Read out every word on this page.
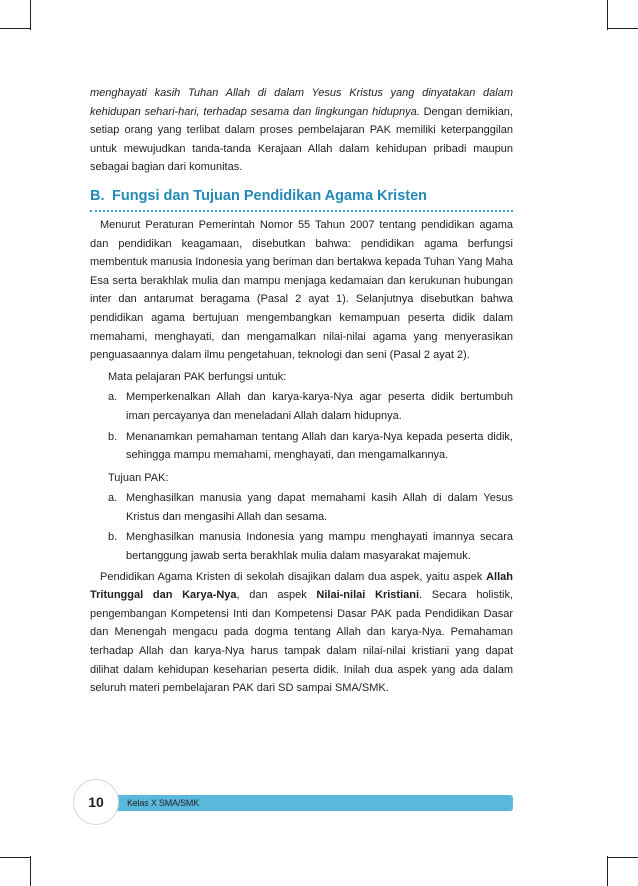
menghayati kasih Tuhan Allah di dalam Yesus Kristus yang dinyatakan dalam kehidupan sehari-hari, terhadap sesama dan lingkungan hidupnya. Dengan demikian, setiap orang yang terlibat dalam proses pembelajaran PAK memiliki keterpanggilan untuk mewujudkan tanda-tanda Kerajaan Allah dalam kehidupan pribadi maupun sebagai bagian dari komunitas.

B. Fungsi dan Tujuan Pendidikan Agama Kristen

Menurut Peraturan Pemerintah Nomor 55 Tahun 2007 tentang pendidikan agama dan pendidikan keagamaan, disebutkan bahwa: pendidikan agama berfungsi membentuk manusia Indonesia yang beriman dan bertakwa kepada Tuhan Yang Maha Esa serta berakhlak mulia dan mampu menjaga kedamaian dan kerukunan hubungan inter dan antarumat beragama (Pasal 2 ayat 1). Selanjutnya disebutkan bahwa pendidikan agama bertujuan mengembangkan kemampuan peserta didik dalam memahami, menghayati, dan mengamalkan nilai-nilai agama yang menyerasikan penguasaannya dalam ilmu pengetahuan, teknologi dan seni (Pasal 2 ayat 2).

Mata pelajaran PAK berfungsi untuk:
a. Memperkenalkan Allah dan karya-karya-Nya agar peserta didik bertumbuh iman percayanya dan meneladani Allah dalam hidupnya.
b. Menanamkan pemahaman tentang Allah dan karya-Nya kepada peserta didik, sehingga mampu memahami, menghayati, dan mengamalkannya.
Tujuan PAK:
a. Menghasilkan manusia yang dapat memahami kasih Allah di dalam Yesus Kristus dan mengasihi Allah dan sesama.
b. Menghasilkan manusia Indonesia yang mampu menghayati imannya secara bertanggung jawab serta berakhlak mulia dalam masyarakat majemuk.

Pendidikan Agama Kristen di sekolah disajikan dalam dua aspek, yaitu aspek Allah Tritunggal dan Karya-Nya, dan aspek Nilai-nilai Kristiani. Secara holistik, pengembangan Kompetensi Inti dan Kompetensi Dasar PAK pada Pendidikan Dasar dan Menengah mengacu pada dogma tentang Allah dan karya-Nya. Pemahaman terhadap Allah dan karya-Nya harus tampak dalam nilai-nilai kristiani yang dapat dilihat dalam kehidupan keseharian peserta didik. Inilah dua aspek yang ada dalam seluruh materi pembelajaran PAK dari SD sampai SMA/SMK.

10	Kelas X SMA/SMK
